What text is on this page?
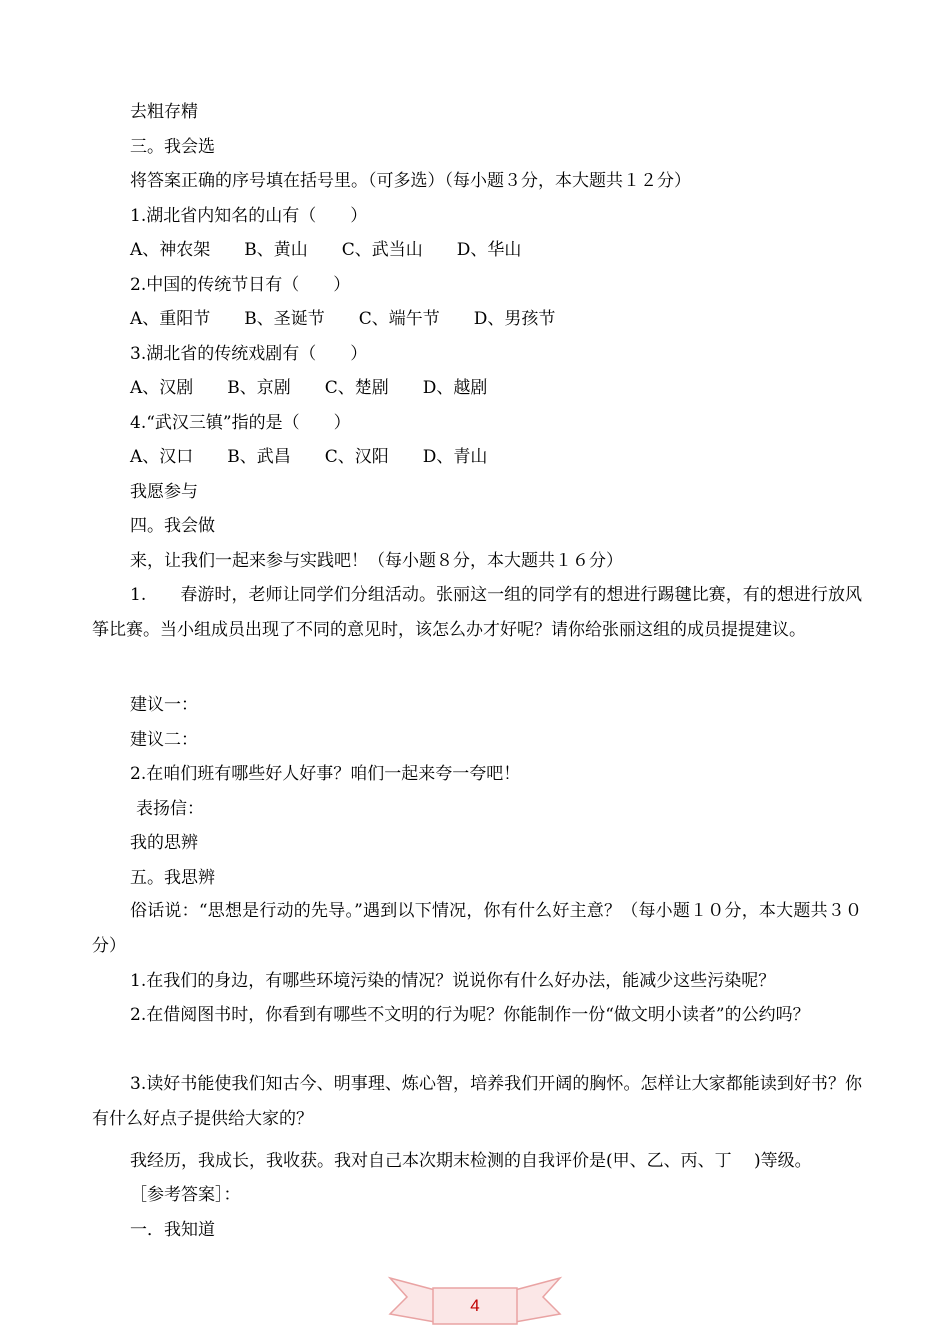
去粗存精
三。我会选
将答案正确的序号填在括号里。（可多选）（每小题３分，本大题共１２分）
1.湖北省内知名的山有（　　）
A、神农架　　B、黄山　　C、武当山　　D、华山
2.中国的传统节日有（　　）
A、重阳节　　B、圣诞节　　C、端午节　　D、男孩节
3.湖北省的传统戏剧有（　　）
A、汉剧　　B、京剧　　C、楚剧　　D、越剧
4.“武汉三镇”指的是（　　）
A、汉口　　B、武昌　　C、汉阳　　D、青山
我愿参与
四。我会做
来，让我们一起来参与实践吧！（每小题８分，本大题共１６分）
1.　　春游时，老师让同学们分组活动。张丽这一组的同学有的想进行踢毽比赛，有的想进行放风筝比赛。当小组成员出现了不同的意见时，该怎么办才好呢？请你给张丽这组的成员提提建议。
建议一：
建议二：
2.在咱们班有哪些好人好事？咱们一起来夸一夸吧！
表扬信：
我的思辨
五。我思辨
俗话说：“思想是行动的先导。”遇到以下情况，你有什么好主意？（每小题１０分，本大题共３０分）
1.在我们的身边，有哪些环境污染的情况？说说你有什么好办法，能减少这些污染呢？
2.在借阅图书时，你看到有哪些不文明的行为呢？你能制作一份“做文明小读者”的公约吗？
3.读好书能使我们知古今、明事理、炼心智，培养我们开阔的胸怀。怎样让大家都能读到好书？你有什么好点子提供给大家的？
我经历，我成长，我收获。我对自己本次期末检测的自我评价是(甲、乙、丙、丁　 )等级。
［参考答案］：
一．我知道
4
